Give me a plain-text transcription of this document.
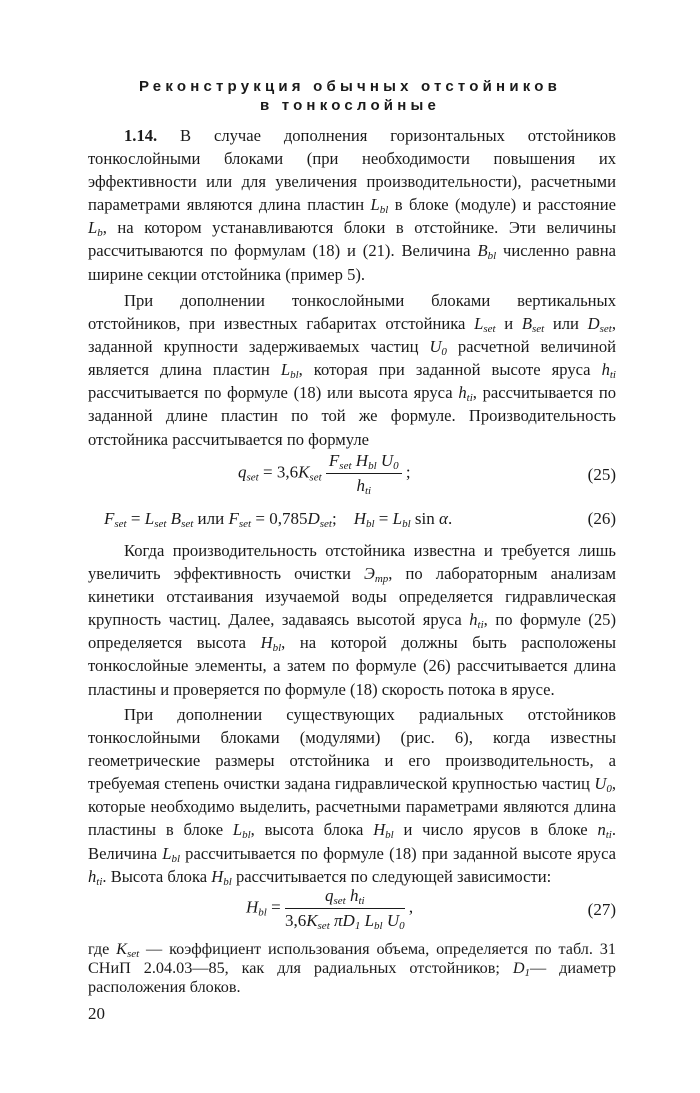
Реконструкция обычных отстойников
в тонкослойные

1.14. В случае дополнения горизонтальных отстойников тонкослойными блоками (при необходимости повышения их эффективности или для увеличения производительности), расчетными параметрами являются длина пластин $L_{bl}$ в блоке (модуле) и расстояние $L_b$, на котором устанавливаются блоки в отстойнике. Эти величины рассчитываются по формулам (18) и (21). Величина $B_{bl}$ численно равна ширине секции отстойника (пример 5).

При дополнении тонкослойными блоками вертикальных отстойников, при известных габаритах отстойника $L_{set}$ и $B_{set}$ или $D_{set}$, заданной крупности задерживаемых частиц $U_0$ расчетной величиной является длина пластин $L_{bl}$, которая при заданной высоте яруса $h_{ti}$ рассчитывается по формуле (18) или высота яруса $h_{ti}$, рассчитывается по заданной длине пластин по той же формуле. Производительность отстойника рассчитывается по формуле

$q_{set} = 3,6K_{set} \frac{F_{set} H_{bl} U_0}{h_{ti}}$ ;	(25)
$F_{set} = L_{set}$ $B_{set}$ или $F_{set} = 0,785D_{set}$;    $H_{bl} = L_{bl}$ sin α.	(26)

Когда производительность отстойника известна и требуется лишь увеличить эффективность очистки $Э_{тр}$, по лабораторным анализам кинетики отстаивания изучаемой воды определяется гидравлическая крупность частиц. Далее, задаваясь высотой яруса $h_{ti}$, по формуле (25) определяется высота $H_{bl}$, на которой должны быть расположены тонкослойные элементы, а затем по формуле (26) рассчитывается длина пластины и проверяется по формуле (18) скорость потока в ярусе.

При дополнении существующих радиальных отстойников тонкослойными блоками (модулями) (рис. 6), когда известны геометрические размеры отстойника и его производительность, а требуемая степень очистки задана гидравлической крупностью частиц $U_0$, которые необходимо выделить, расчетными параметрами являются длина пластины в блоке $L_{bl}$, высота блока $H_{bl}$ и число ярусов в блоке $n_{ti}$. Величина $L_{bl}$ рассчитывается по формуле (18) при заданной высоте яруса $h_{ti}$. Высота блока $H_{bl}$ рассчитывается по следующей зависимости:

$H_{bl} = \frac{q_{set} h_{ti}}{3,6K_{set} \pi D_1 L_{bl} U_0}$ ,	(27)

где $K_{set}$ — коэффициент использования объема, определяется по табл. 31 СНиП 2.04.03—85, как для радиальных отстойников; $D_1—$ диаметр расположения блоков.

20
